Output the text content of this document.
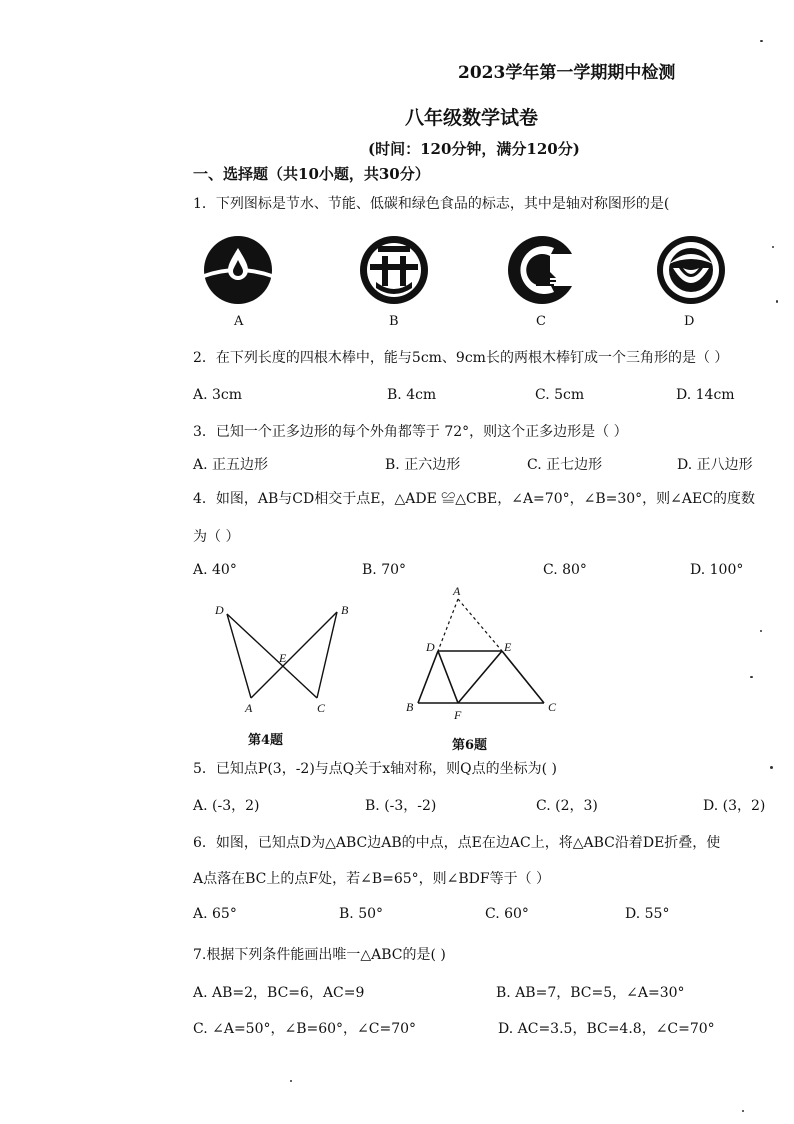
2023学年第一学期期中检测
八年级数学试卷
(时间：120分钟，满分120分)
一、选择题（共10小题，共30分）
1．下列图标是节水、节能、低碳和绿色食品的标志，其中是轴对称图形的是(
A	B	C	D
2．在下列长度的四根木棒中，能与5cm、9cm长的两根木棒钉成一个三角形的是（ ）
A. 3cm	B. 4cm	C. 5cm	D. 14cm
3．已知一个正多边形的每个外角都等于 72°，则这个正多边形是（ ）
A. 正五边形	B. 正六边形	C. 正七边形	D. 正八边形
4．如图，AB与CD相交于点E，△ADE ≌△CBE，∠A=70°，∠B=30°，则∠AEC的度数
为（ ）
A. 40°	B. 70°	C. 80°	D. 100°
D	B
E
A	C
第4题
A
D	E
B
F
C
第6题
5．已知点P(3，-2)与点Q关于x轴对称，则Q点的坐标为( )
A. (-3，2)	B. (-3，-2)	C. (2，3)	D. (3，2)
6．如图，已知点D为△ABC边AB的中点，点E在边AC上，将△ABC沿着DE折叠，使
A点落在BC上的点F处，若∠B=65°，则∠BDF等于（ ）
A. 65°	B. 50°	C. 60°	D. 55°
7.根据下列条件能画出唯一△ABC的是( )
A. AB=2，BC=6，AC=9	B. AB=7，BC=5，∠A=30°
C. ∠A=50°，∠B=60°，∠C=70°	D. AC=3.5，BC=4.8，∠C=70°
